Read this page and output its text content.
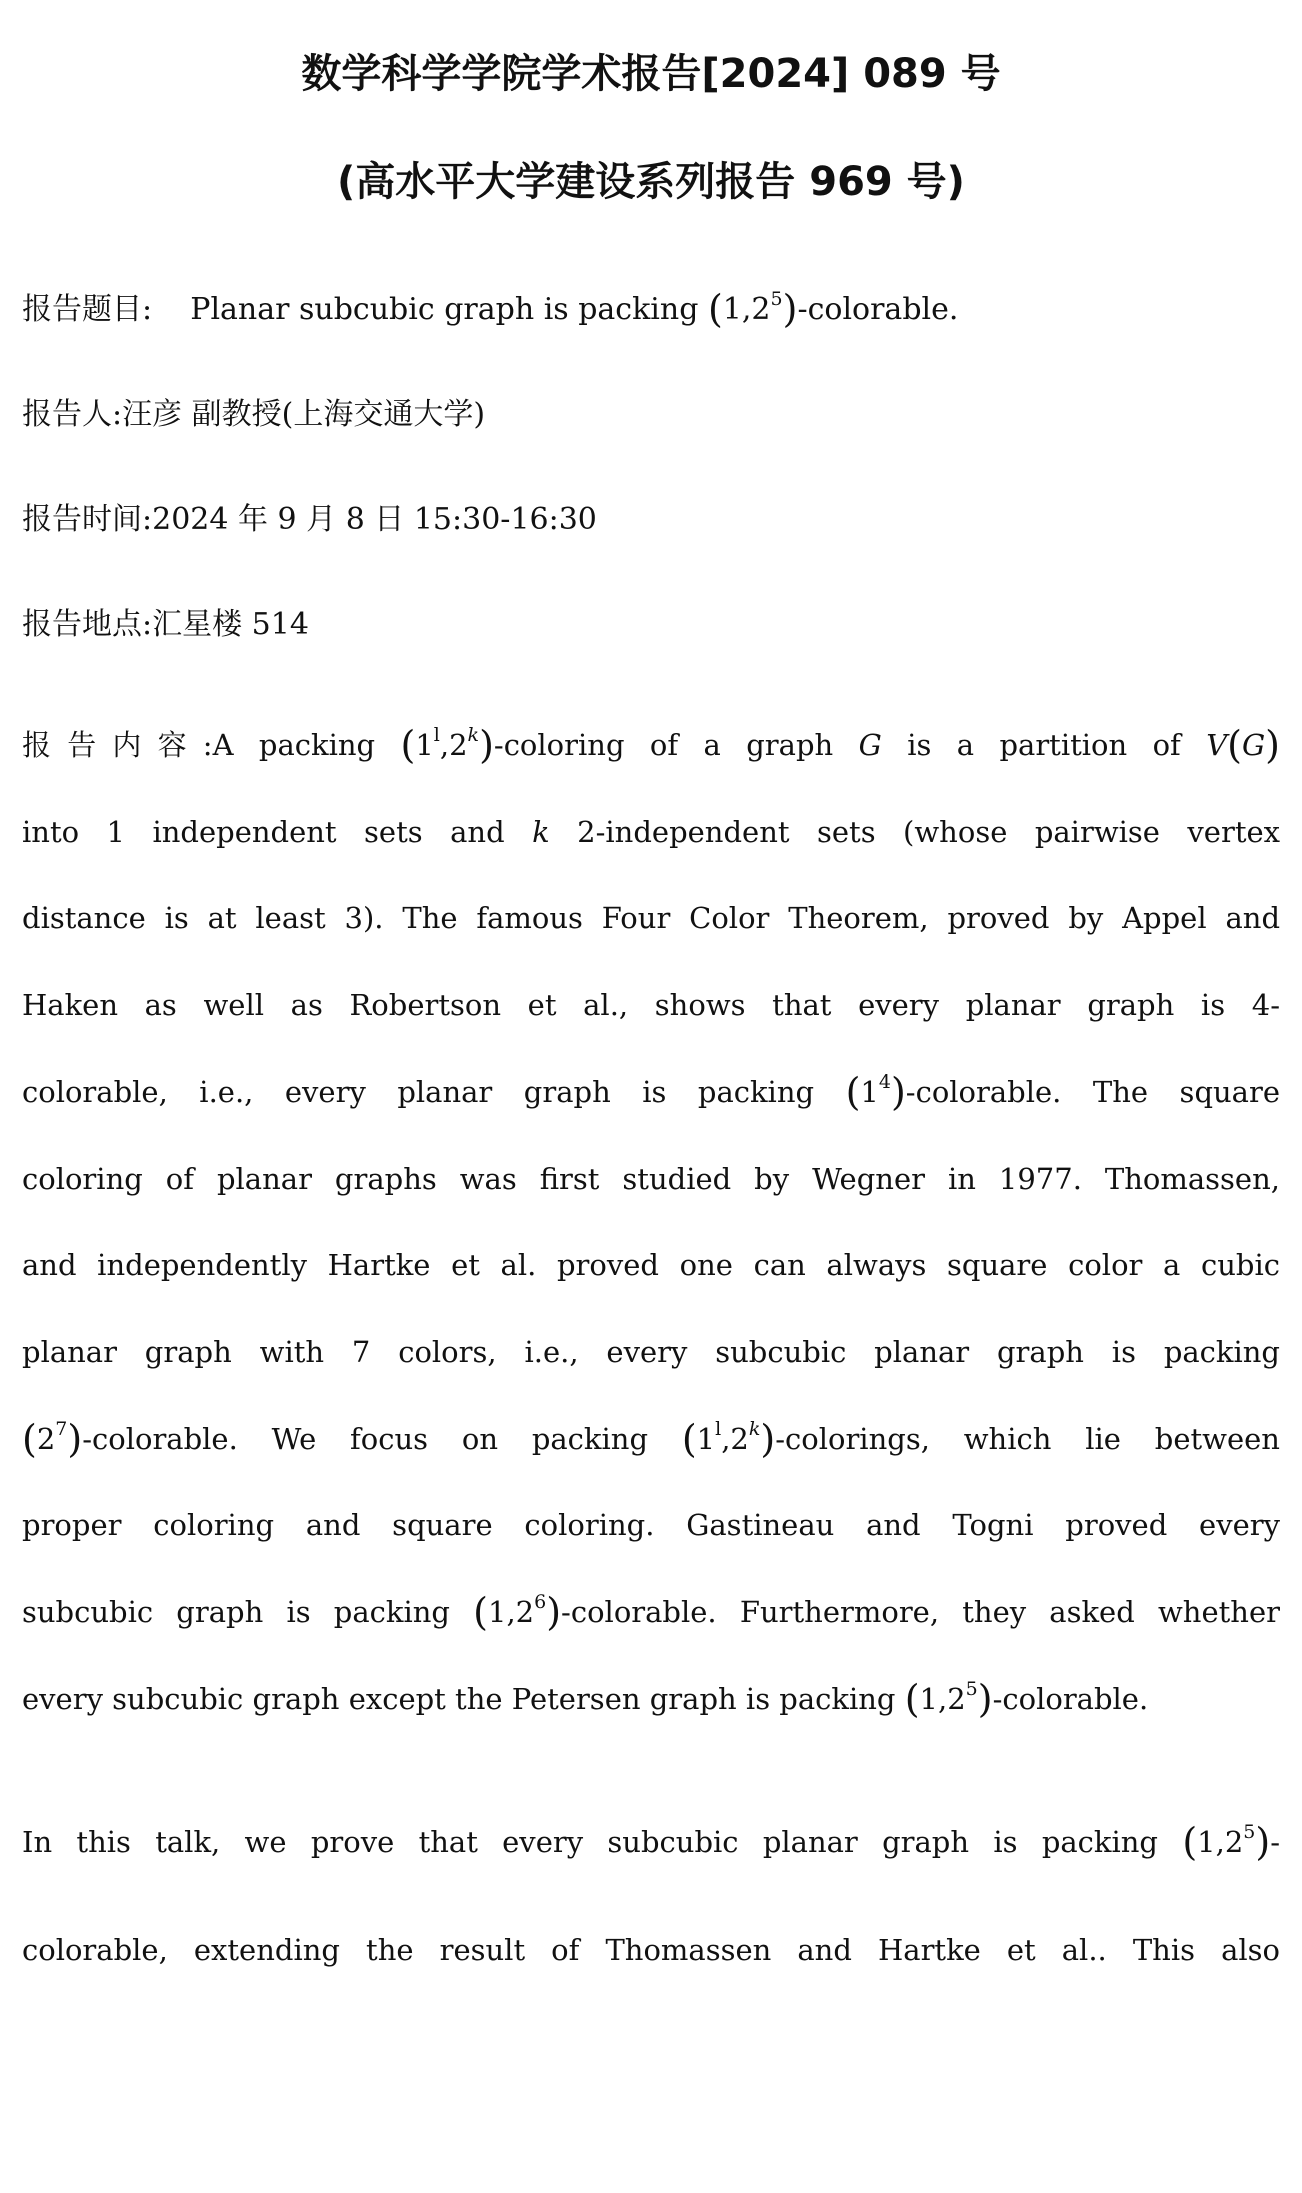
数学科学学院学术报告[2024] 089 号
(高水平大学建设系列报告 969 号)
报告题目: Planar subcubic graph is packing $(1,2^5)$-colorable.
报告人:汪彦 副教授(上海交通大学)
报告时间:2024 年 9 月 8 日 15:30-16:30
报告地点:汇星楼 514
报告内容:A packing (1$^l$,2$^k$)-coloring of a graph G is a partition of V(G)
into 1 independent sets and k 2-independent sets (whose pairwise vertex
distance is at least 3). The famous Four Color Theorem, proved by Appel and
Haken as well as Robertson et al., shows that every planar graph is 4-
colorable, i.e., every planar graph is packing $(1^4)$-colorable. The square
coloring of planar graphs was first studied by Wegner in 1977. Thomassen,
and independently Hartke et al. proved one can always square color a cubic
planar graph with 7 colors, i.e., every subcubic planar graph is packing
$(2^7)$-colorable. We focus on packing (1$^l$,2$^k$)-colorings, which lie between
proper coloring and square coloring. Gastineau and Togni proved every
subcubic graph is packing $(1,2^6)$-colorable. Furthermore, they asked whether
every subcubic graph except the Petersen graph is packing $(1,2^5)$-colorable.
In this talk, we prove that every subcubic planar graph is packing $(1,2^5)-$
colorable, extending the result of Thomassen and Hartke et al.. This also
